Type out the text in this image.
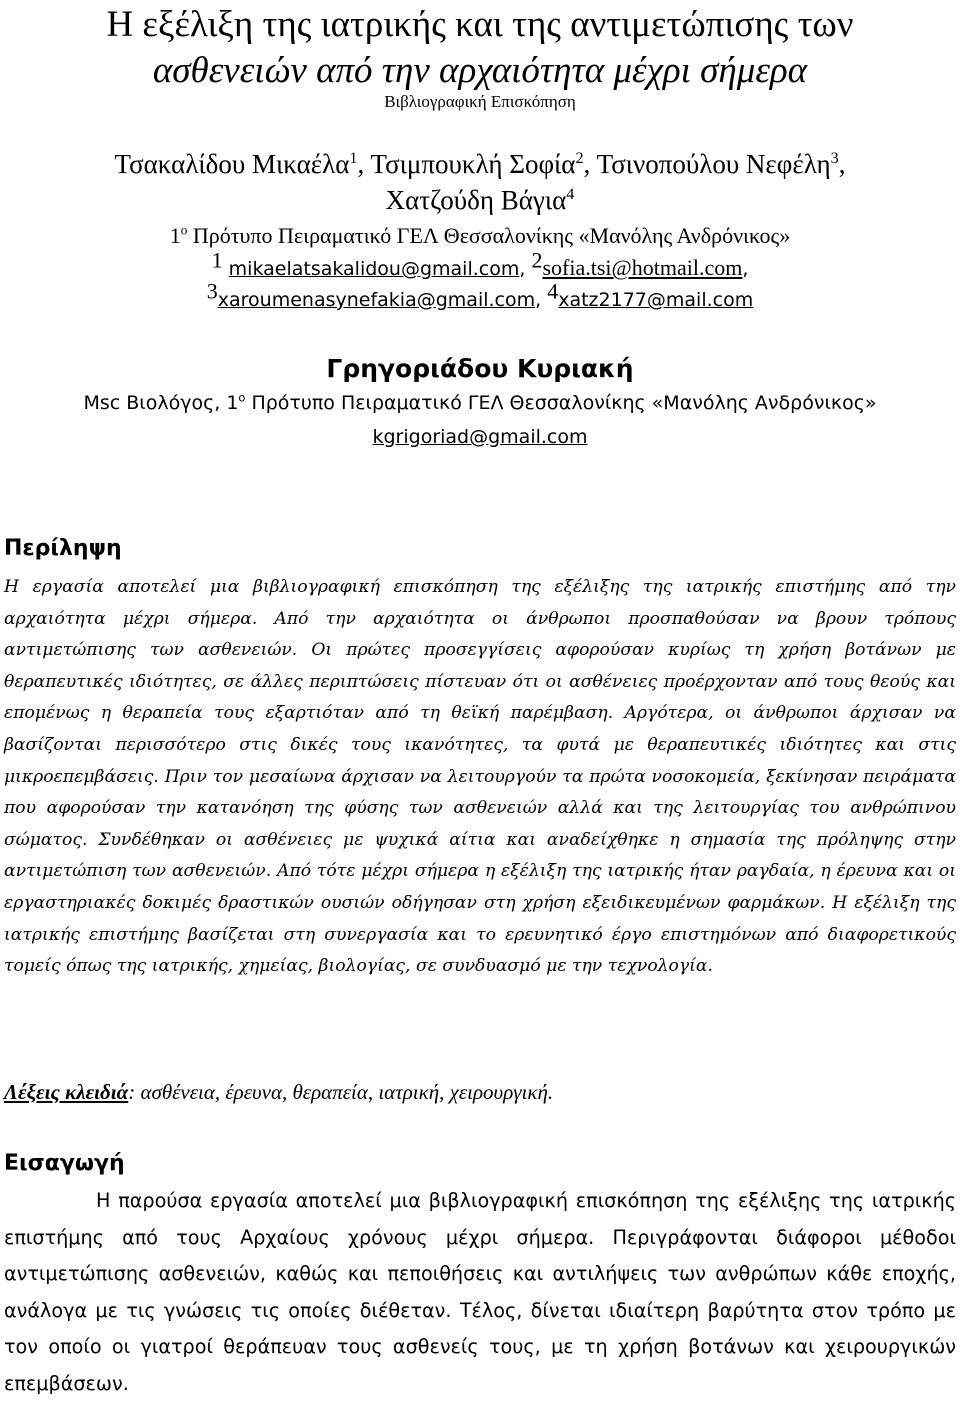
Η εξέλιξη της ιατρικής και της αντιμετώπισης των
ασθενειών από την αρχαιότητα μέχρι σήμερα
Βιβλιογραφική Επισκόπηση
Τσακαλίδου Μικαέλα$^1$, Τσιμπουκλή Σοφία$^2$, Τσινοπούλου Νεφέλη$^3$,
Χατζούδη Βάγια$^4$
$1^o$ Πρότυπο Πειραματικό ΓΕΛ Θεσσαλονίκης «Μανόλης Ανδρόνικος»
$^1$ mikaelatsakalidou@gmail.com, $^2$sofia.tsi@hotmail.com,
$^3$xaroumenasynefakia@gmail.com, $^4$xatz2177@mail.com
Γρηγοριάδου Κυριακή
Msc Βιολόγος, $1^o$ Πρότυπο Πειραματικό ΓΕΛ Θεσσαλονίκης «Μανόλης Ανδρόνικος»
kgrigoriad@gmail.com
Περίληψη
Η εργασία αποτελεί μια βιβλιογραφική επισκόπηση της εξέλιξης της ιατρικής επιστήμης από την αρχαιότητα μέχρι σήμερα. Από την αρχαιότητα οι άνθρωποι προσπαθούσαν να βρουν τρόπους αντιμετώπισης των ασθενειών. Οι πρώτες προσεγγίσεις αφορούσαν κυρίως τη χρήση βοτάνων με θεραπευτικές ιδιότητες, σε άλλες περιπτώσεις πίστευαν ότι οι ασθένειες προέρχονταν από τους θεούς και επομένως η θεραπεία τους εξαρτιόταν από τη θεϊκή παρέμβαση. Αργότερα, οι άνθρωποι άρχισαν να βασίζονται περισσότερο στις δικές τους ικανότητες, τα φυτά με θεραπευτικές ιδιότητες και στις μικροεπεμβάσεις. Πριν τον μεσαίωνα άρχισαν να λειτουργούν τα πρώτα νοσοκομεία, ξεκίνησαν πειράματα που αφορούσαν την κατανόηση της φύσης των ασθενειών αλλά και της λειτουργίας του ανθρώπινου σώματος. Συνδέθηκαν οι ασθένειες με ψυχικά αίτια και αναδείχθηκε η σημασία της πρόληψης στην αντιμετώπιση των ασθενειών. Από τότε μέχρι σήμερα η εξέλιξη της ιατρικής ήταν ραγδαία, η έρευνα και οι εργαστηριακές δοκιμές δραστικών ουσιών οδήγησαν στη χρήση εξειδικευμένων φαρμάκων. Η εξέλιξη της ιατρικής επιστήμης βασίζεται στη συνεργασία και το ερευνητικό έργο επιστημόνων από διαφορετικούς τομείς όπως της ιατρικής, χημείας, βιολογίας, σε συνδυασμό με την τεχνολογία.
Λέξεις κλειδιά: ασθένεια, έρευνα, θεραπεία, ιατρική, χειρουργική.
Εισαγωγή
Η παρούσα εργασία αποτελεί μια βιβλιογραφική επισκόπηση της εξέλιξης της ιατρικής επιστήμης από τους Αρχαίους χρόνους μέχρι σήμερα. Περιγράφονται διάφοροι μέθοδοι αντιμετώπισης ασθενειών, καθώς και πεποιθήσεις και αντιλήψεις των ανθρώπων κάθε εποχής, ανάλογα με τις γνώσεις τις οποίες διέθεταν. Τέλος, δίνεται ιδιαίτερη βαρύτητα στον τρόπο με τον οποίο οι γιατροί θεράπευαν τους ασθενείς τους, με τη χρήση βοτάνων και χειρουργικών επεμβάσεων.
